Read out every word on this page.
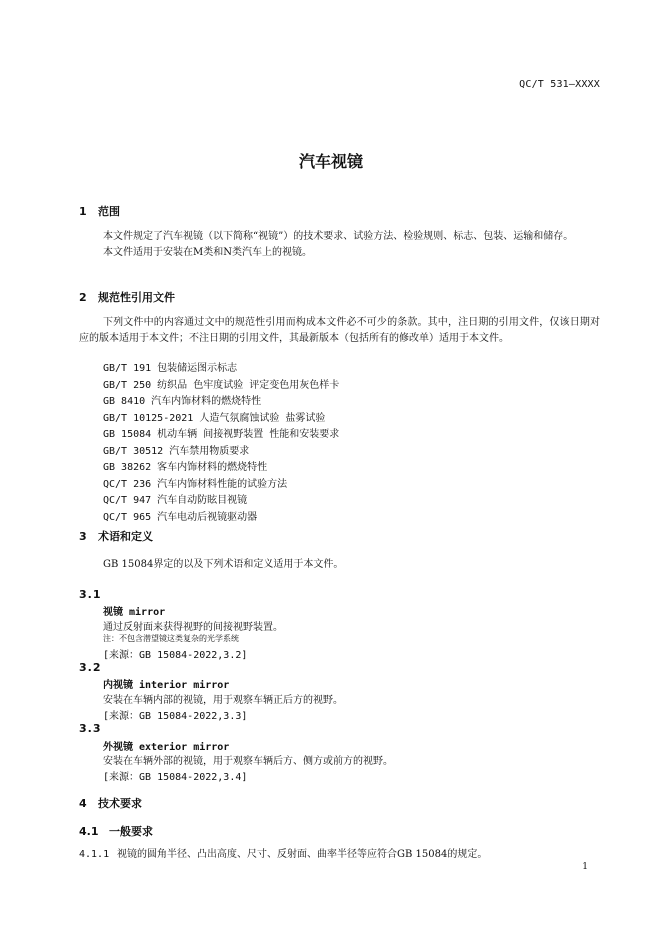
QC/T 531—XXXX
汽车视镜
1 范围

本文件规定了汽车视镜（以下简称“视镜”）的技术要求、试验方法、检验规则、标志、包装、运输和储存。

本文件适用于安装在M类和N类汽车上的视镜。

2 规范性引用文件

下列文件中的内容通过文中的规范性引用而构成本文件必不可少的条款。其中，注日期的引用文件，仅该日期对应的版本适用于本文件；不注日期的引用文件，其最新版本（包括所有的修改单）适用于本文件。

GB/T 191 包装储运图示标志
GB/T 250 纺织品 色牢度试验 评定变色用灰色样卡
GB 8410 汽车内饰材料的燃烧特性
GB/T 10125-2021 人造气氛腐蚀试验 盐雾试验
GB 15084 机动车辆 间接视野装置 性能和安装要求
GB/T 30512 汽车禁用物质要求
GB 38262 客车内饰材料的燃烧特性
QC/T 236 汽车内饰材料性能的试验方法
QC/T 947 汽车自动防眩目视镜
QC/T 965 汽车电动后视镜驱动器
3 术语和定义
GB 15084界定的以及下列术语和定义适用于本文件。
3.1
视镜 mirror
通过反射面来获得视野的间接视野装置。
注：不包含潜望镜这类复杂的光学系统
[来源：GB 15084-2022,3.2]
3.2
内视镜 interior mirror
安装在车辆内部的视镜，用于观察车辆正后方的视野。
[来源：GB 15084-2022,3.3]
3.3
外视镜 exterior mirror
安装在车辆外部的视镜，用于观察车辆后方、侧方或前方的视野。
[来源：GB 15084-2022,3.4]
4 技术要求
4.1 一般要求
4.1.1 视镜的圆角半径、凸出高度、尺寸、反射面、曲率半径等应符合GB 15084的规定。
1
